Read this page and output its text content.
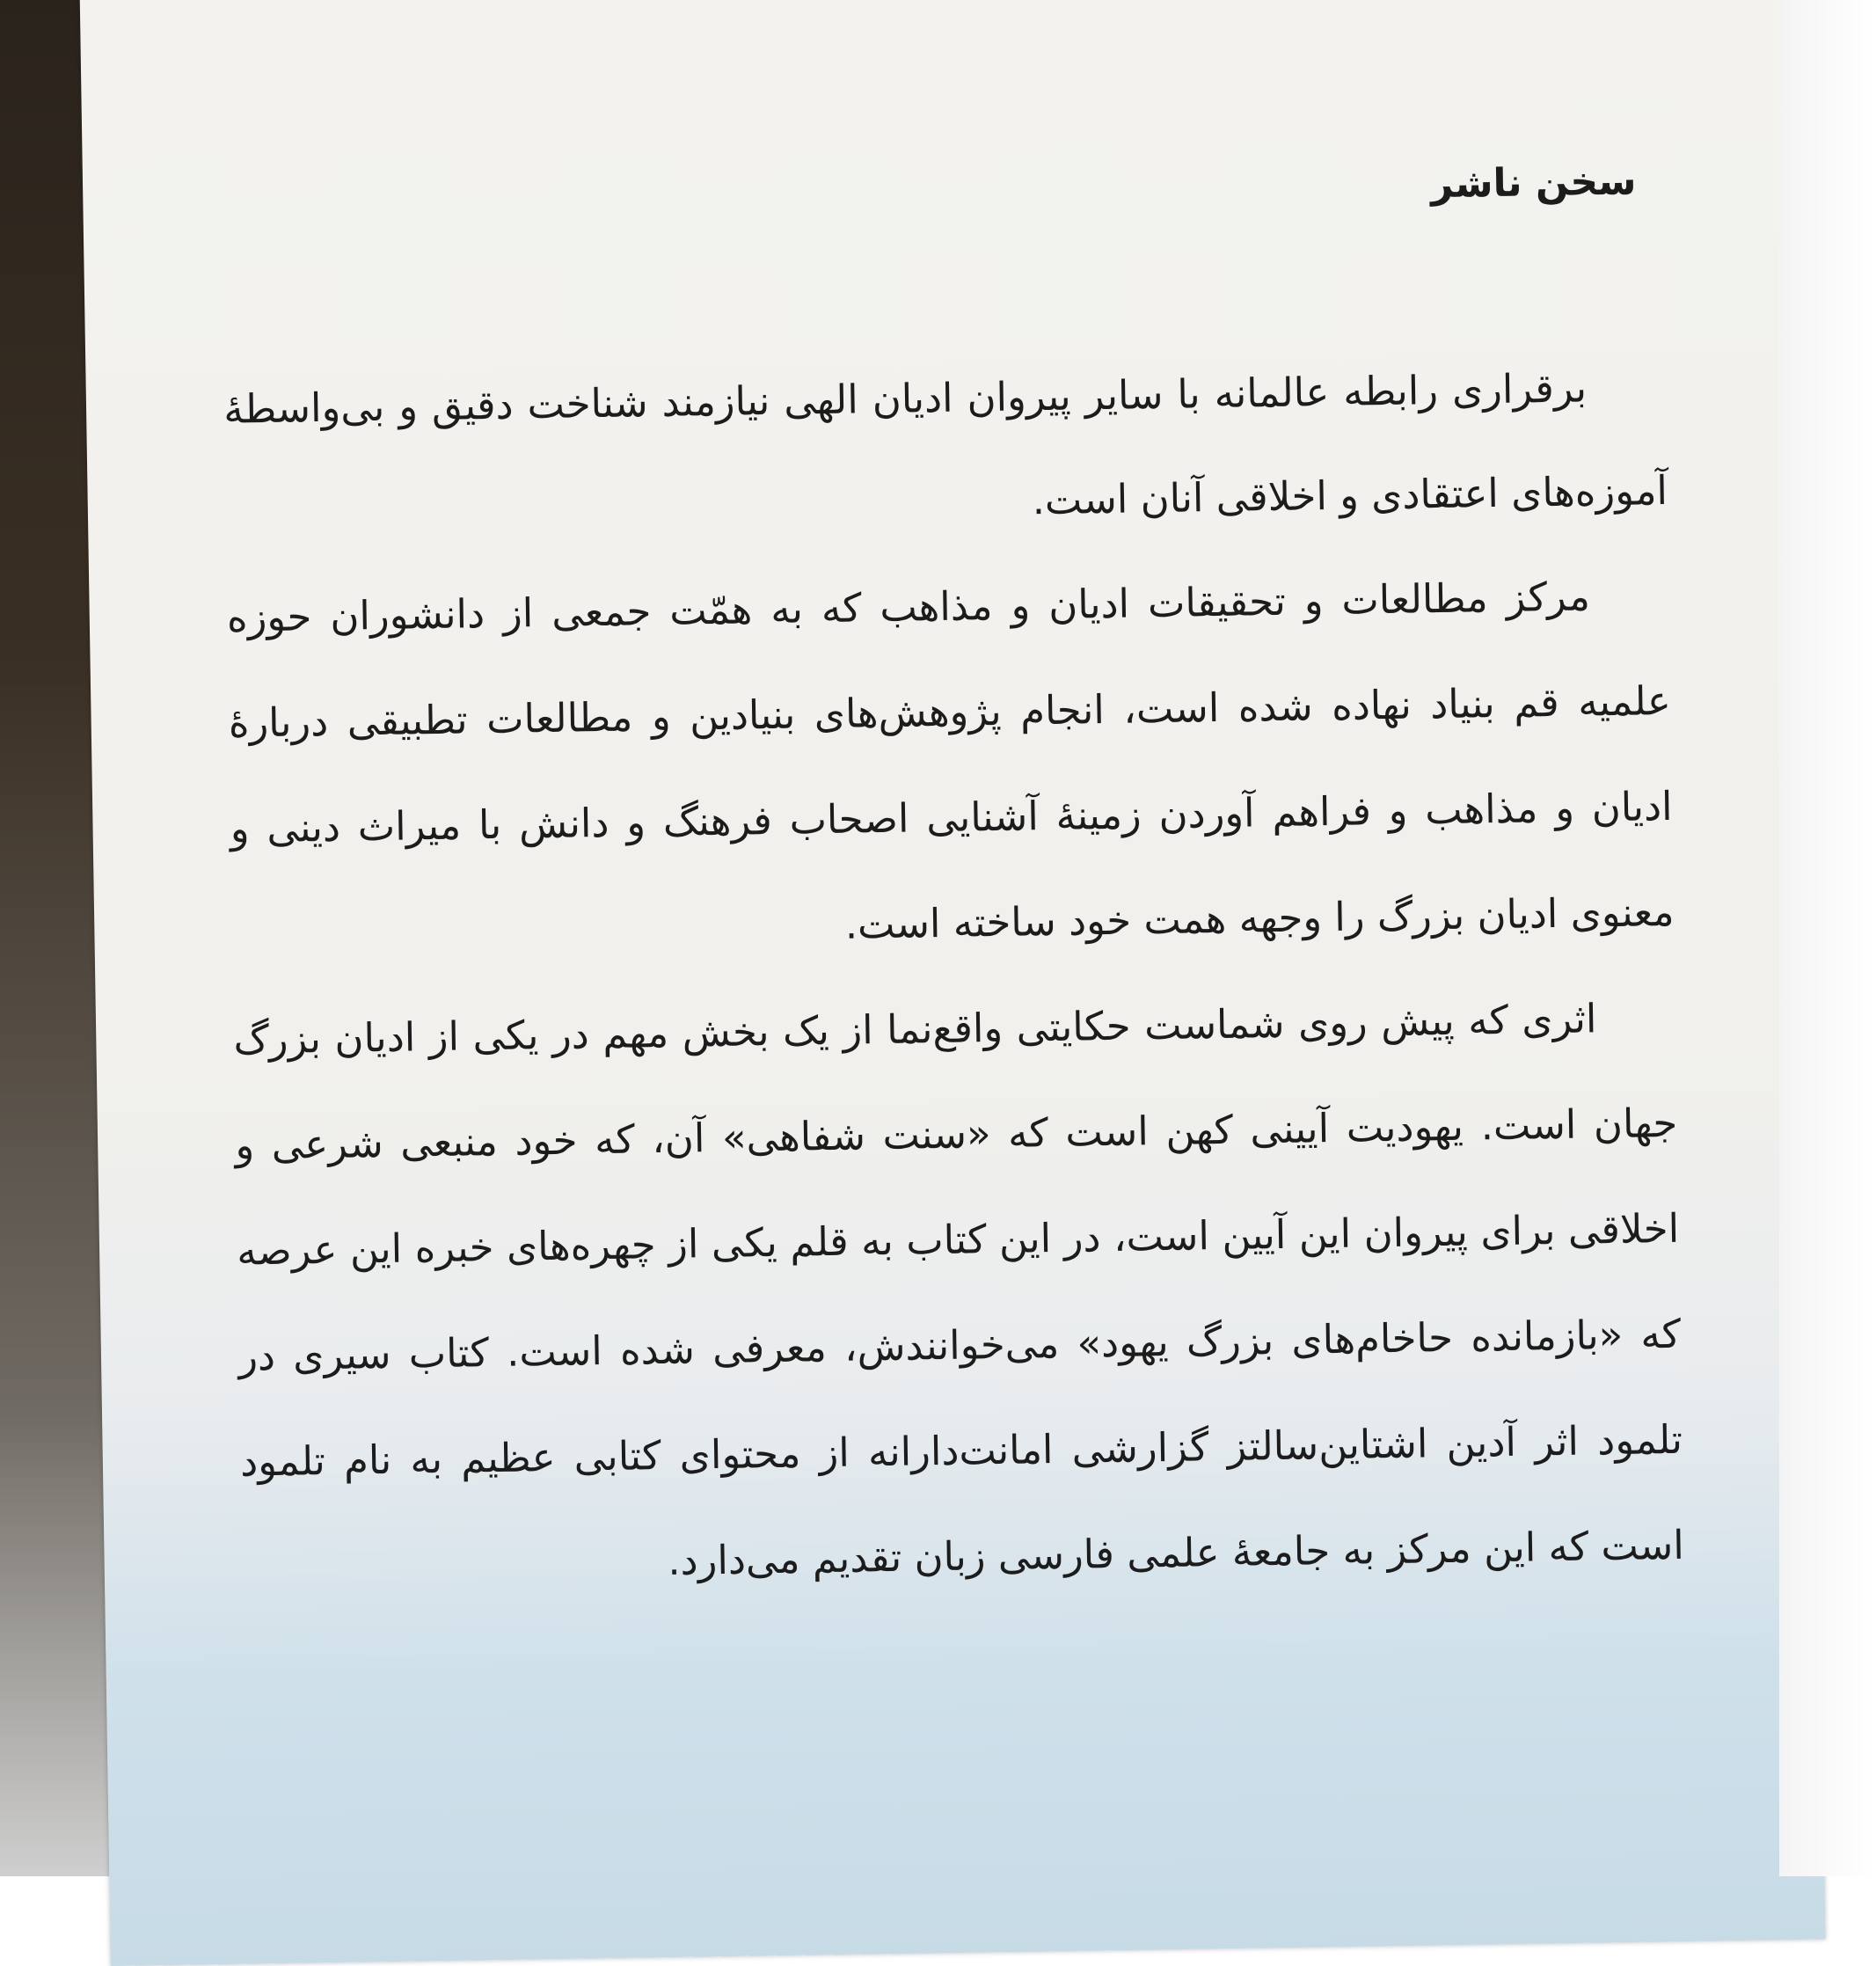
سخن ناشر

برقراری رابطه عالمانه با سایر پیروان ادیان الهی نیازمند شناخت دقیق و بی‌واسطهٔ آموزه‌های اعتقادی و اخلاقی آنان است.

مرکز مطالعات و تحقیقات ادیان و مذاهب که به همّت جمعی از دانشوران حوزه علمیه قم بنیاد نهاده شده است، انجام پژوهش‌های بنیادین و مطالعات تطبیقی دربارهٔ ادیان و مذاهب و فراهم آوردن زمینهٔ آشنایی اصحاب فرهنگ و دانش با میراث دینی و معنوی ادیان بزرگ را وجهه همت خود ساخته است.

اثری که پیش روی شماست حکایتی واقع‌نما از یک بخش مهم در یکی از ادیان بزرگ جهان است. یهودیت آیینی کهن است که «سنت شفاهی» آن، که خود منبعی شرعی و اخلاقی برای پیروان این آیین است، در این کتاب به قلم یکی از چهره‌های خبره این عرصه که «بازمانده حاخام‌های بزرگ یهود» می‌خوانندش، معرفی شده است. کتاب سیری در تلمود اثر آدین اشتاین‌سالتز گزارشی امانت‌دارانه از محتوای کتابی عظیم به نام تلمود است که این مرکز به جامعهٔ علمی فارسی زبان تقدیم می‌دارد.
